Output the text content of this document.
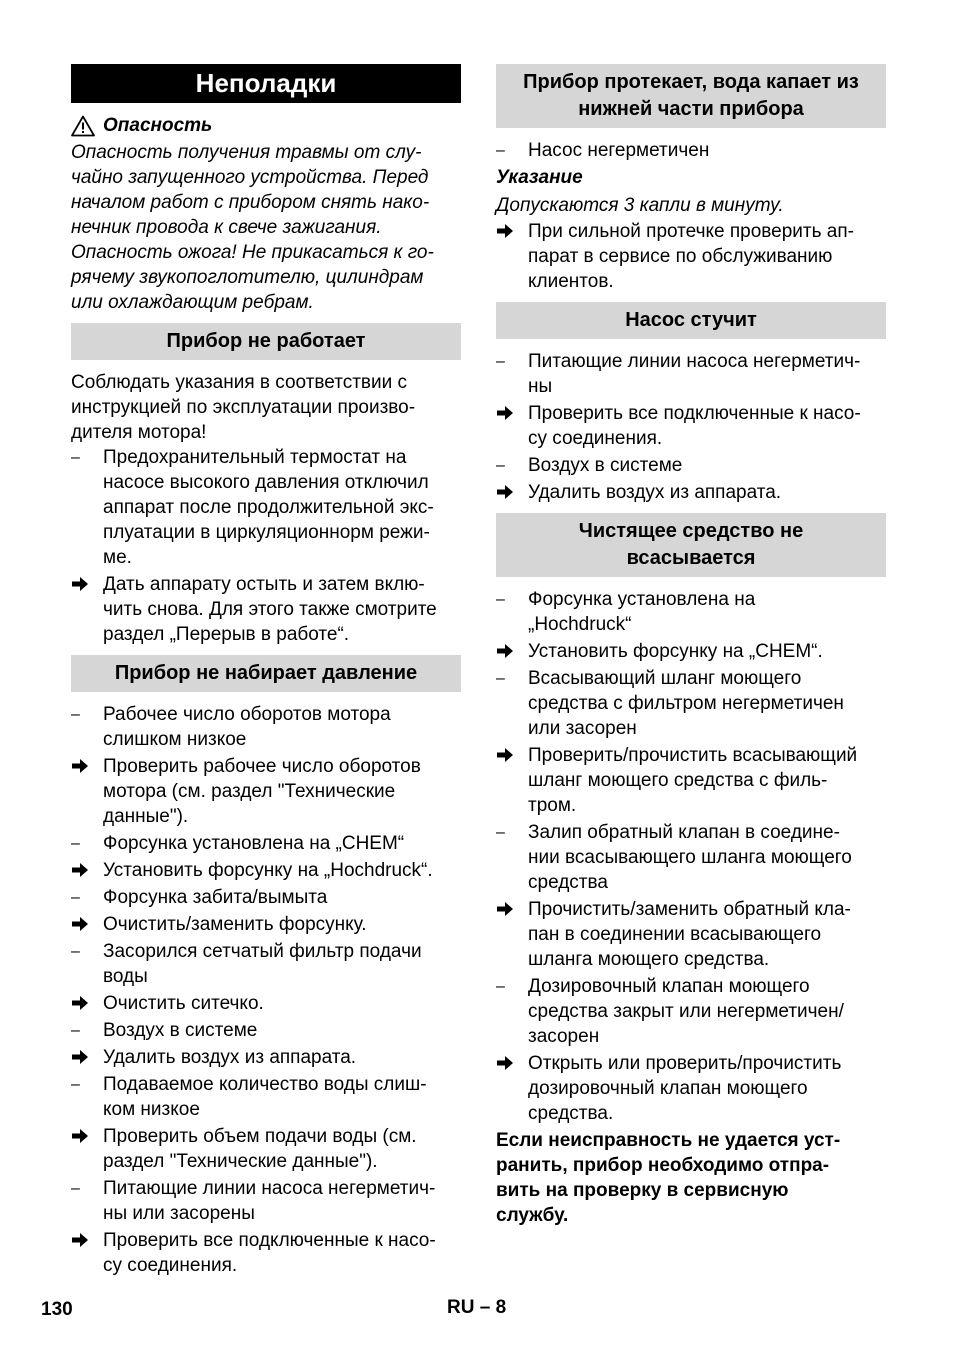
Неполадки
Опасность
Опасность получения травмы от слу-
чайно запущенного устройства. Перед
началом работ с прибором снять нако-
нечник провода к свече зажигания.
Опасность ожога! Не прикасаться к го-
рячему звукопоглотителю, цилиндрам
или охлаждающим ребрам.
Прибор не работает
Соблюдать указания в соответствии с
инструкцией по эксплуатации произво-
дителя мотора!
–	Предохранительный термостат на
насосе высокого давления отключил
аппарат после продолжительной экс-
плуатации в циркуляционнорм режи-
ме.
Дать аппарату остыть и затем вклю-
чить снова. Для этого также смотрите
раздел „Перерыв в работе“.
Прибор не набирает давление
–	Рабочее число оборотов мотора
слишком низкое
Проверить рабочее число оборотов
мотора (см. раздел "Технические
данные").
–	Форсунка установлена на „CHEM“
Установить форсунку на „Hochdruck“.
–	Форсунка забита/вымыта
Очистить/заменить форсунку.
–	Засорился сетчатый фильтр подачи
воды
Очистить ситечко.
–	Воздух в системе
Удалить воздух из аппарата.
–	Подаваемое количество воды слиш-
ком низкое
Проверить объем подачи воды (см.
раздел "Технические данные").
–	Питающие линии насоса негерметич-
ны или засорены
Проверить все подключенные к насо-
су соединения.
Прибор протекает, вода капает из
нижней части прибора
–	Насос негерметичен
Указание
Допускаются 3 капли в минуту.
При сильной протечке проверить ап-
парат в сервисе по обслуживанию
клиентов.
Насос стучит
–	Питающие линии насоса негерметич-
ны
Проверить все подключенные к насо-
су соединения.
–	Воздух в системе
Удалить воздух из аппарата.
Чистящее средство не
всасывается
–	Форсунка установлена на
„Hochdruck“
Установить форсунку на „CHEM“.
–	Всасывающий шланг моющего
средства с фильтром негерметичен
или засорен
Проверить/прочистить всасывающий
шланг моющего средства с филь-
тром.
–	Залип обратный клапан в соедине-
нии всасывающего шланга моющего
средства
Прочистить/заменить обратный кла-
пан в соединении всасывающего
шланга моющего средства.
–	Дозировочный клапан моющего
средства закрыт или негерметичен/
засорен
Открыть или проверить/прочистить
дозировочный клапан моющего
средства.
Если неисправность не удается уст-
ранить, прибор необходимо отпра-
вить на проверку в сервисную
службу.
130	RU – 8
